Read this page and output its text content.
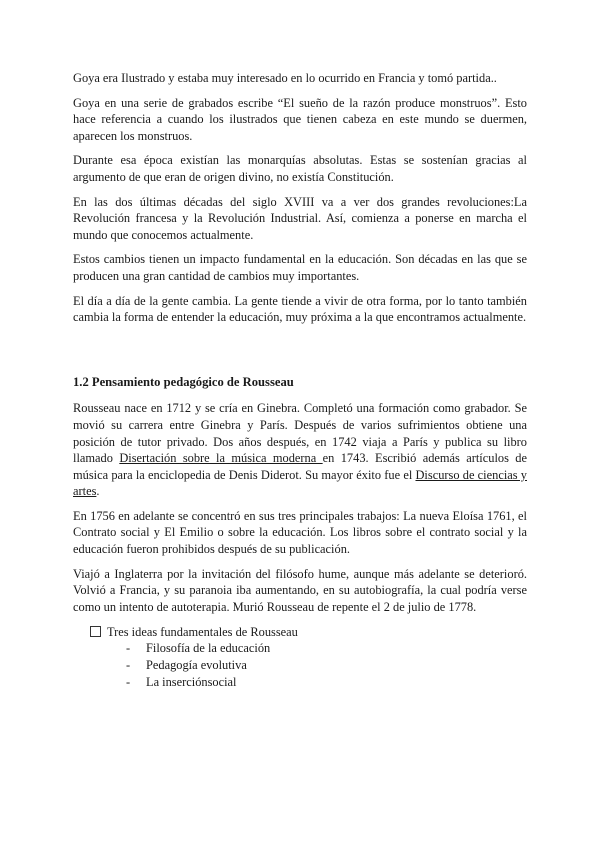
Goya era Ilustrado y estaba muy interesado en lo ocurrido en Francia y tomó partida..

Goya en una serie de grabados escribe “El sueño de la razón produce monstruos”. Esto hace referencia a cuando los ilustrados que tienen cabeza en este mundo se duermen, aparecen los monstruos.

Durante esa época existían las monarquías absolutas. Estas se sostenían gracias al argumento de que eran de origen divino, no existía Constitución.

En las dos últimas décadas del siglo XVIII va a ver dos grandes revoluciones:La Revolución francesa y la Revolución Industrial. Así, comienza a ponerse en marcha el mundo que conocemos actualmente.

Estos cambios tienen un impacto fundamental en la educación. Son décadas en las que se producen una gran cantidad de cambios muy importantes.

El día a día de la gente cambia. La gente tiende a vivir de otra forma, por lo tanto también cambia la forma de entender la educación, muy próxima a la que encontramos actualmente.

1.2 Pensamiento pedagógico de Rousseau

Rousseau nace en 1712 y se cría en Ginebra. Completó una formación como grabador. Se movió su carrera entre Ginebra y París. Después de varios sufrimientos obtiene una posición de tutor privado. Dos años después, en 1742 viaja a París y publica su libro llamado Disertación sobre la música moderna en 1743. Escribió además artículos de música para la enciclopedia de Denis Diderot. Su mayor éxito fue el Discurso de ciencias y artes.

En 1756 en adelante se concentró en sus tres principales trabajos: La nueva Eloísa 1761, el Contrato social y El Emilio o sobre la educación. Los libros sobre el contrato social y la educación fueron prohibidos después de su publicación.

Viajó a Inglaterra por la invitación del filósofo hume, aunque más adelante se deterioró. Volvió a Francia, y su paranoia iba aumentando, en su autobiografía, la cual podría verse como un intento de autoterapia. Murió Rousseau de repente el 2 de julio de 1778.

Tres ideas fundamentales de Rousseau
-	Filosofía de la educación
-	Pedagogía evolutiva
-	La inserciónsocial
